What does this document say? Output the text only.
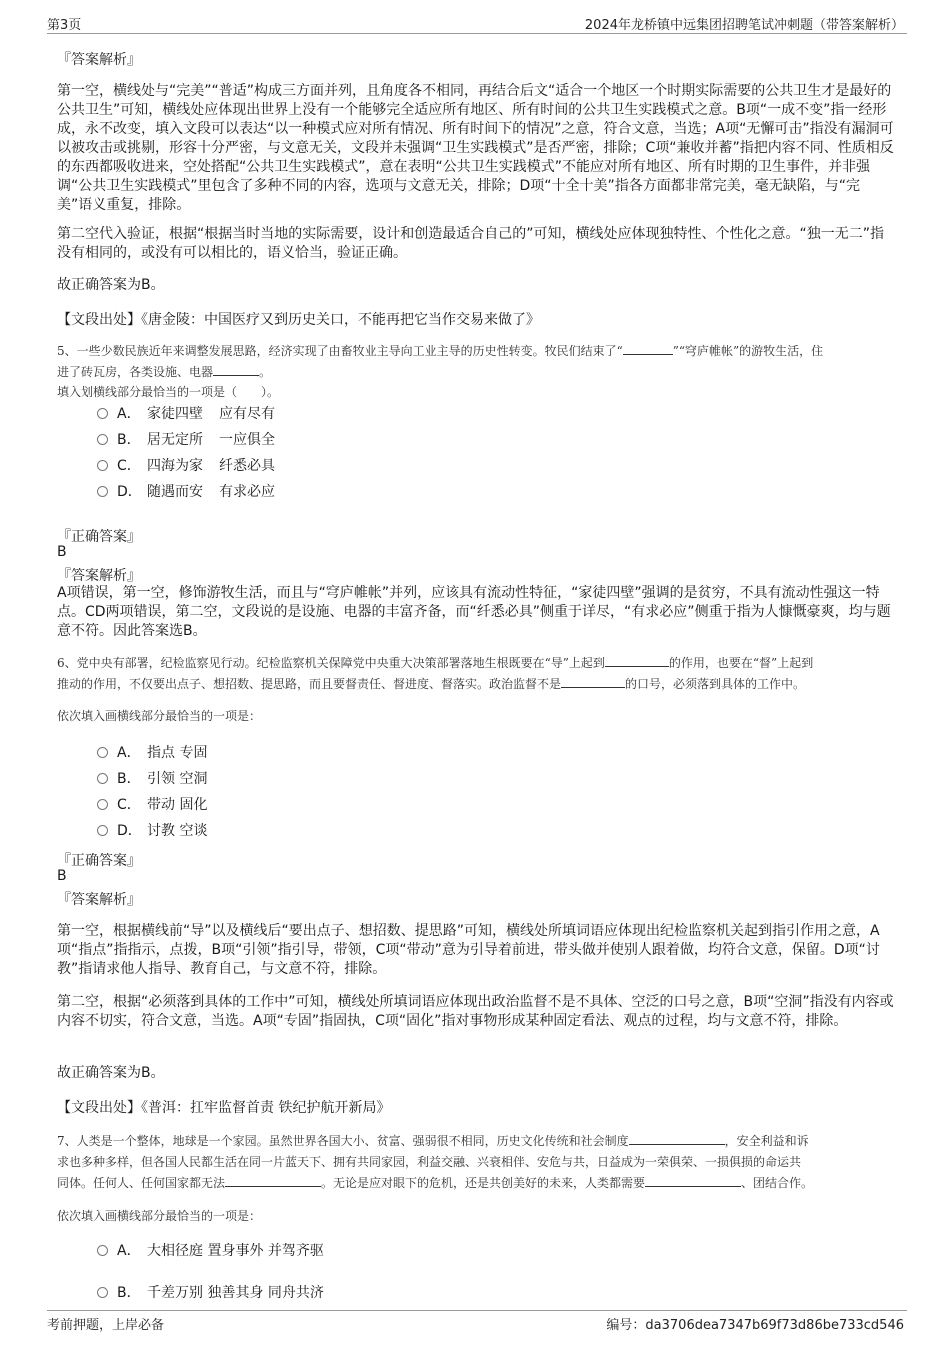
第3页	2024年龙桥镇中远集团招聘笔试冲刺题（带答案解析）
『答案解析』
第一空，横线处与“完美”“普适”构成三方面并列，且角度各不相同，再结合后文“适合一个地区一个时期实际需要的公共卫生才是最好的公共卫生”可知，横线处应体现出世界上没有一个能够完全适应所有地区、所有时间的公共卫生实践模式之意。B项“一成不变”指一经形成，永不改变，填入文段可以表达“以一种模式应对所有情况、所有时间下的情况”之意，符合文意，当选；A项“无懈可击”指没有漏洞可以被攻击或挑剔，形容十分严密，与文意无关，文段并未强调“卫生实践模式”是否严密，排除；C项“兼收并蓄”指把内容不同、性质相反的东西都吸收进来，空处搭配“公共卫生实践模式”，意在表明“公共卫生实践模式”不能应对所有地区、所有时期的卫生事件，并非强调“公共卫生实践模式”里包含了多种不同的内容，选项与文意无关，排除；D项“十全十美”指各方面都非常完美，毫无缺陷，与“完美”语义重复，排除。
第二空代入验证，根据“根据当时当地的实际需要，设计和创造最适合自己的”可知，横线处应体现独特性、个性化之意。“独一无二”指没有相同的，或没有可以相比的，语义恰当，验证正确。
故正确答案为B。
【文段出处】《唐金陵：中国医疗又到历史关口，不能再把它当作交易来做了》
5、一些少数民族近年来调整发展思路，经济实现了由畜牧业主导向工业主导的历史性转变。牧民们结束了“	”“穹庐帷帐”的游牧生活，住
进了砖瓦房，各类设施、电器	。
填入划横线部分最恰当的一项是（　　）。
A． 家徒四壁 应有尽有
B． 居无定所 一应俱全
C． 四海为家 纤悉必具
D． 随遇而安 有求必应
『正确答案』
B
『答案解析』
A项错误，第一空，修饰游牧生活，而且与“穹庐帷帐”并列，应该具有流动性特征，“家徒四壁”强调的是贫穷，不具有流动性强这一特点。CD两项错误，第二空，文段说的是设施、电器的丰富齐备，而“纤悉必具”侧重于详尽，“有求必应”侧重于指为人慷慨豪爽，均与题意不符。因此答案选B。
6、党中央有部署，纪检监察见行动。纪检监察机关保障党中央重大决策部署落地生根既要在“导”上起到	的作用，也要在“督”上起到
推动的作用，不仅要出点子、想招数、提思路，而且要督责任、督进度、督落实。政治监督不是	的口号，必须落到具体的工作中。
依次填入画横线部分最恰当的一项是：
A． 指点 专固
B． 引领 空洞
C． 带动 固化
D． 讨教 空谈
『正确答案』
B
『答案解析』
第一空，根据横线前“导”以及横线后“要出点子、想招数、提思路”可知，横线处所填词语应体现出纪检监察机关起到指引作用之意，A项“指点”指指示，点拨，B项“引领”指引导，带领，C项“带动”意为引导着前进，带头做并使别人跟着做，均符合文意，保留。D项“讨教”指请求他人指导、教育自己，与文意不符，排除。
第二空，根据“必须落到具体的工作中”可知，横线处所填词语应体现出政治监督不是不具体、空泛的口号之意，B项“空洞”指没有内容或内容不切实，符合文意，当选。A项“专固”指固执，C项“固化”指对事物形成某种固定看法、观点的过程，均与文意不符，排除。
故正确答案为B。
【文段出处】《普洱：扛牢监督首责 铁纪护航开新局》
7、人类是一个整体，地球是一个家园。虽然世界各国大小、贫富、强弱很不相同，历史文化传统和社会制度	，安全利益和诉
求也多种多样，但各国人民都生活在同一片蓝天下、拥有共同家园，利益交融、兴衰相伴、安危与共，日益成为一荣俱荣、一损俱损的命运共
同体。任何人、任何国家都无法	。无论是应对眼下的危机，还是共创美好的未来，人类都需要	、团结合作。
依次填入画横线部分最恰当的一项是：
A． 大相径庭 置身事外 并驾齐驱
B． 千差万别 独善其身 同舟共济
考前押题，上岸必备	编号：da3706dea7347b69f73d86be733cd546
